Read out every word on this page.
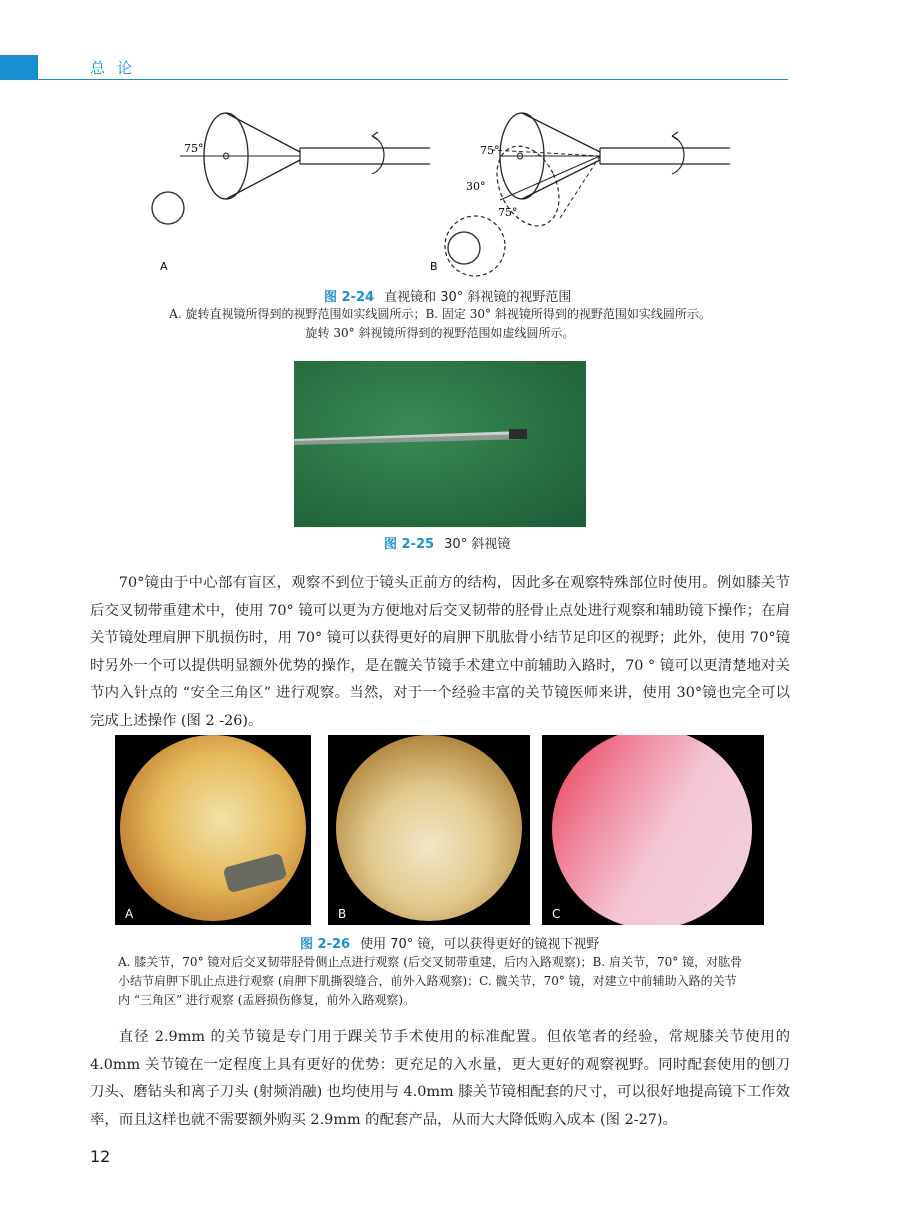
总论
75°
A
75°
30°
75°
B
图 2-24 直视镜和 30° 斜视镜的视野范围
A. 旋转直视镜所得到的视野范围如实线圆所示；B. 固定 30° 斜视镜所得到的视野范围如实线圆所示。
旋转 30° 斜视镜所得到的视野范围如虚线圆所示。
图 2-25 30° 斜视镜

70°镜由于中心部有盲区，观察不到位于镜头正前方的结构，因此多在观察特殊部位时使用。例如膝关节后交叉韧带重建术中，使用 70° 镜可以更为方便地对后交叉韧带的胫骨止点处进行观察和辅助镜下操作；在肩关节镜处理肩胛下肌损伤时，用 70° 镜可以获得更好的肩胛下肌肱骨小结节足印区的视野；此外，使用 70°镜时另外一个可以提供明显额外优势的操作，是在髋关节镜手术建立中前辅助入路时，70 ° 镜可以更清楚地对关节内入针点的 “安全三角区” 进行观察。当然，对于一个经验丰富的关节镜医师来讲，使用 30°镜也完全可以完成上述操作 (图 2 -26)。

A	B	C
图 2-26 使用 70° 镜，可以获得更好的镜视下视野
A. 膝关节，70° 镜对后交叉韧带胫骨侧止点进行观察 (后交叉韧带重建，后内入路观察)；B. 肩关节，70° 镜，对肱骨
小结节肩胛下肌止点进行观察 (肩胛下肌撕裂缝合，前外入路观察)；C. 髋关节，70° 镜，对建立中前辅助入路的关节
内 “三角区” 进行观察 (盂唇损伤修复，前外入路观察)。

直径 2.9mm 的关节镜是专门用于踝关节手术使用的标准配置。但依笔者的经验，常规膝关节使用的 4.0mm 关节镜在一定程度上具有更好的优势：更充足的入水量，更大更好的观察视野。同时配套使用的刨刀刀头、磨钻头和离子刀头 (射频消融) 也均使用与 4.0mm 膝关节镜相配套的尺寸，可以很好地提高镜下工作效率，而且这样也就不需要额外购买 2.9mm 的配套产品，从而大大降低购入成本 (图 2-27)。

12
